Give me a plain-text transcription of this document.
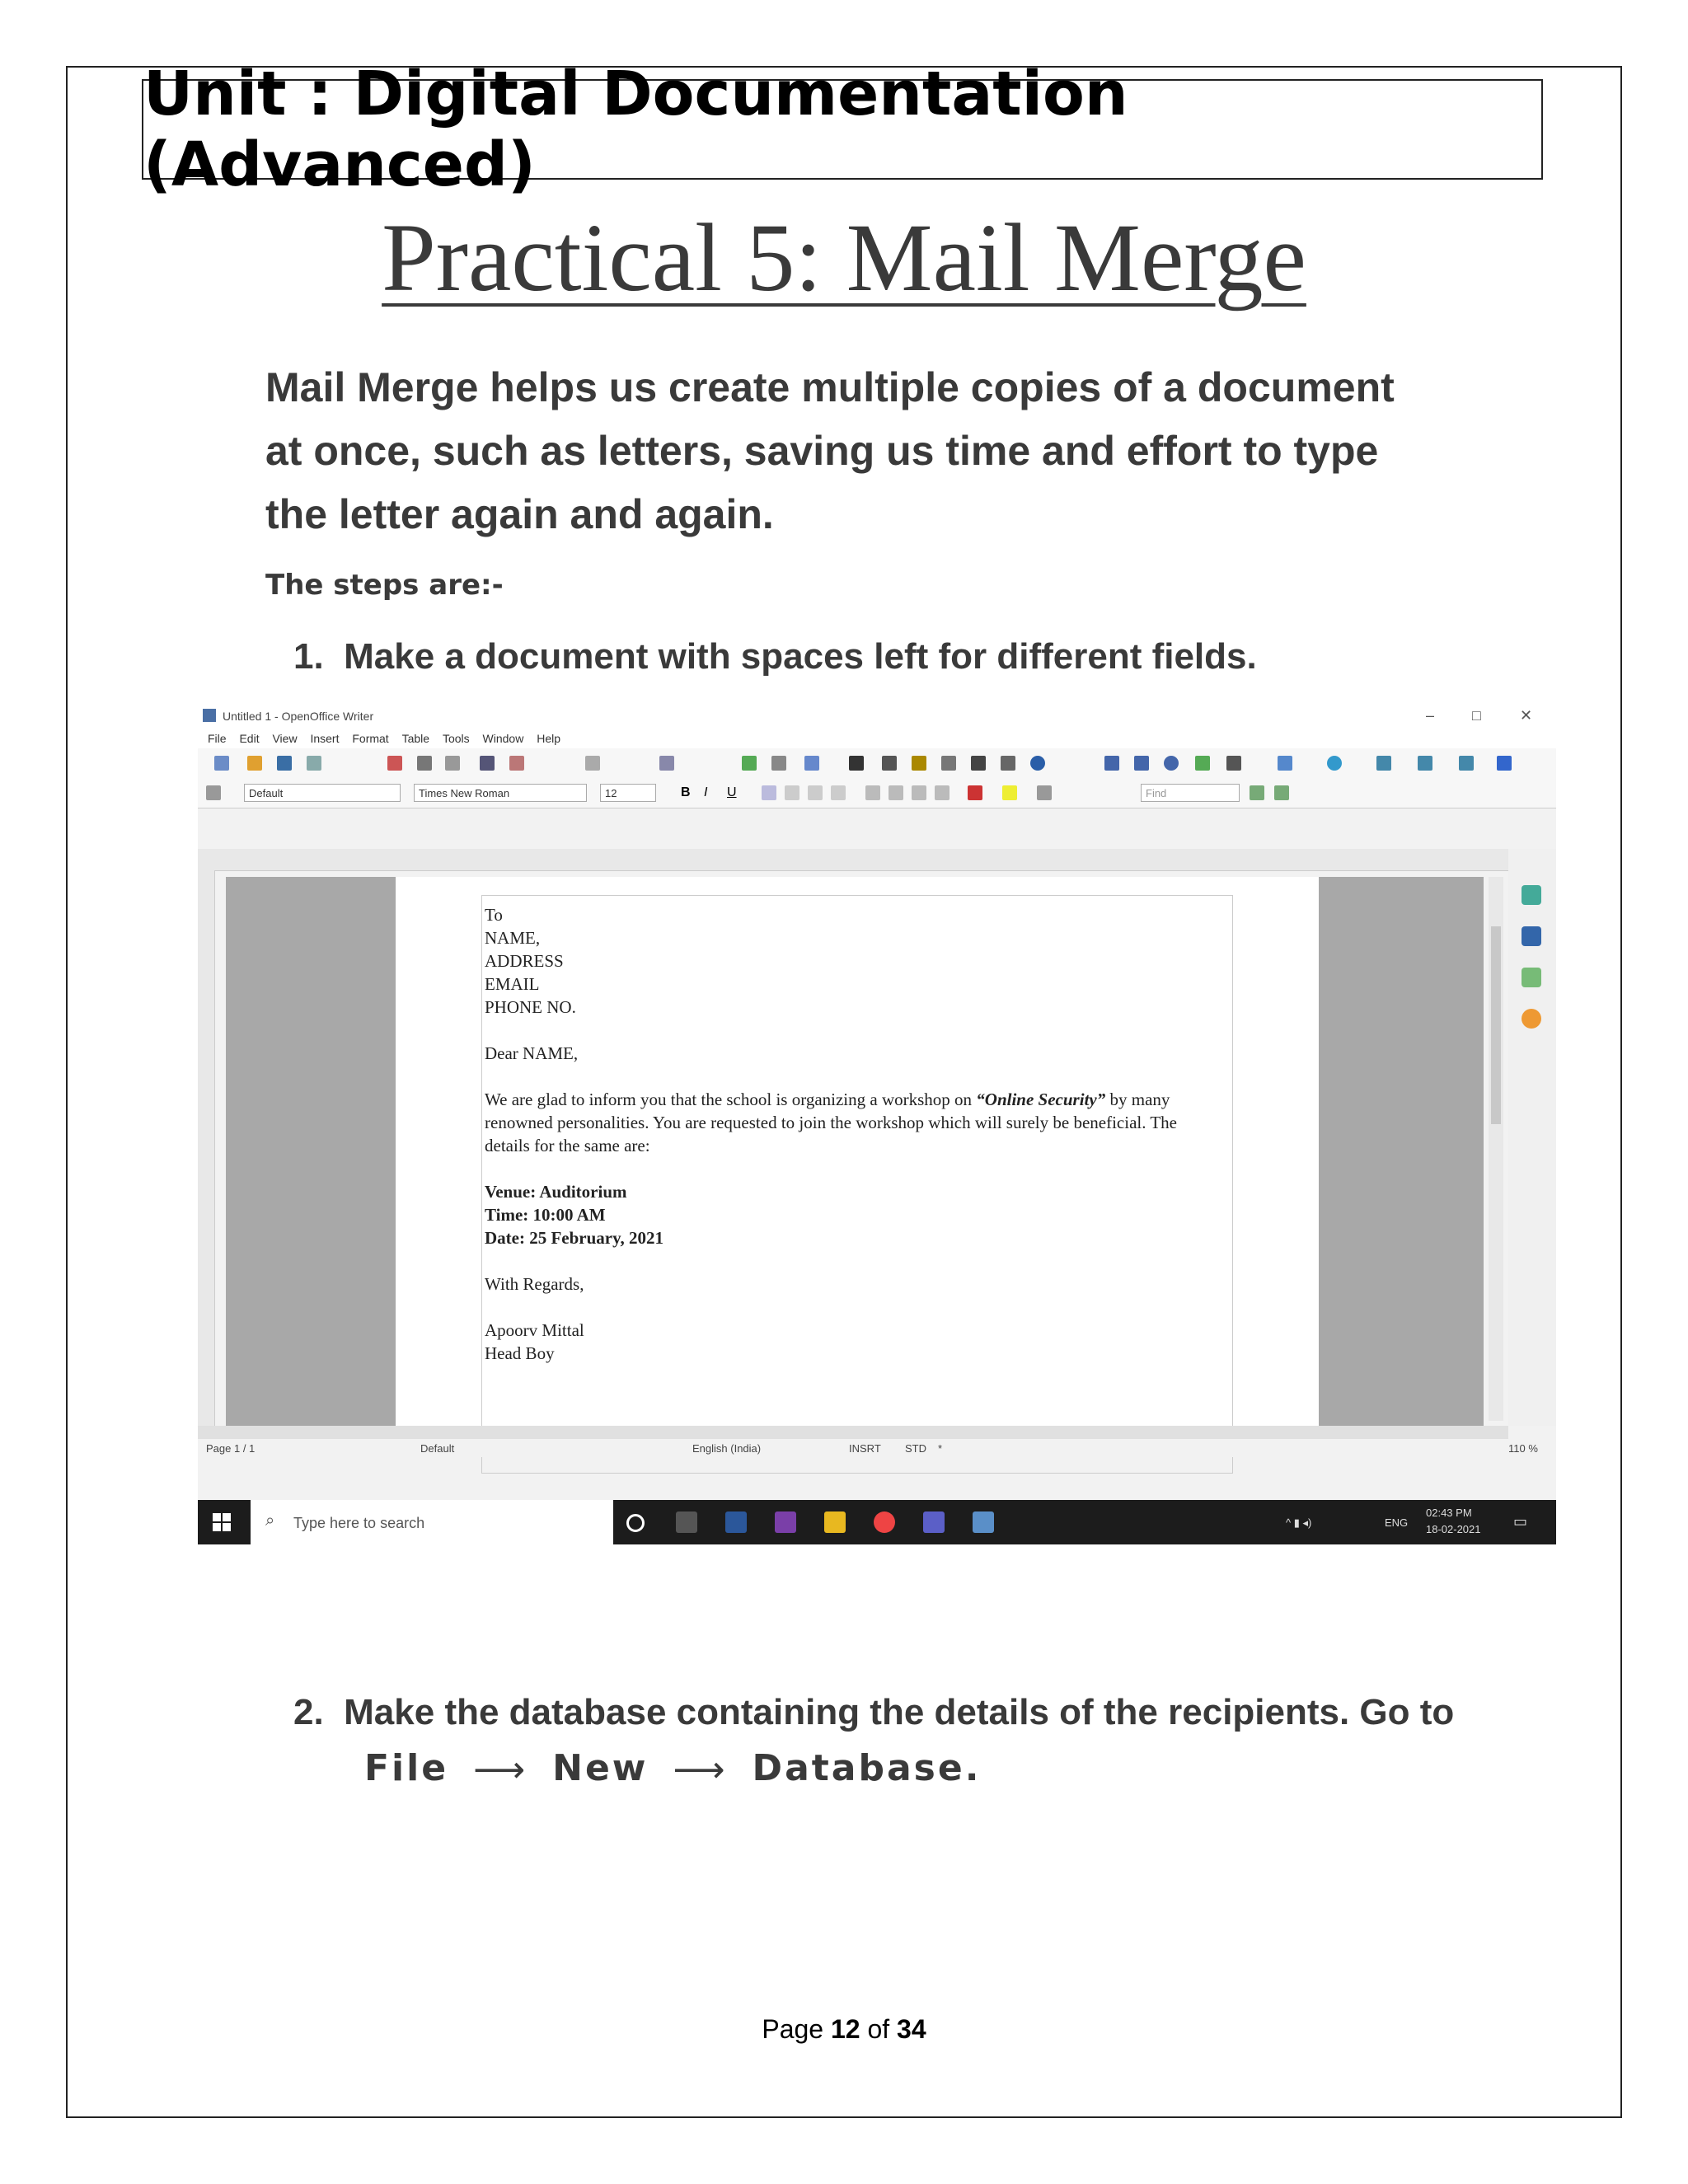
Unit : Digital Documentation (Advanced)
Practical 5: Mail Merge
Mail Merge helps us create multiple copies of a document
at once, such as letters, saving us time and effort to type
the letter again and again.
The steps are:-
1. Make a document with spaces left for different fields.
Untitled 1 - OpenOffice Writer	–	□	✕
File Edit View Insert Format Table Tools Window Help
Default	Times New Roman	12	B	I	U	Find

To

NAME,

ADDRESS

EMAIL

PHONE NO.

Dear NAME,

We are glad to inform you that the school is organizing a workshop on “Online Security” by many renowned personalities. You are requested to join the workshop which will surely be beneficial. The details for the same are:

Venue: Auditorium

Time: 10:00 AM

Date: 25 February, 2021

With Regards,

Apoorv Mittal

Head Boy

Page 1 / 1	Default	English (India)	INSRT STD *	110 %
⌕ Type here to search	^ ▮ ◂)	ENG
02:43 PM
18-02-2021 ▭
2. Make the database containing the details of the recipients. Go to
File ⟶ New ⟶ Database.
Page 12 of 34
